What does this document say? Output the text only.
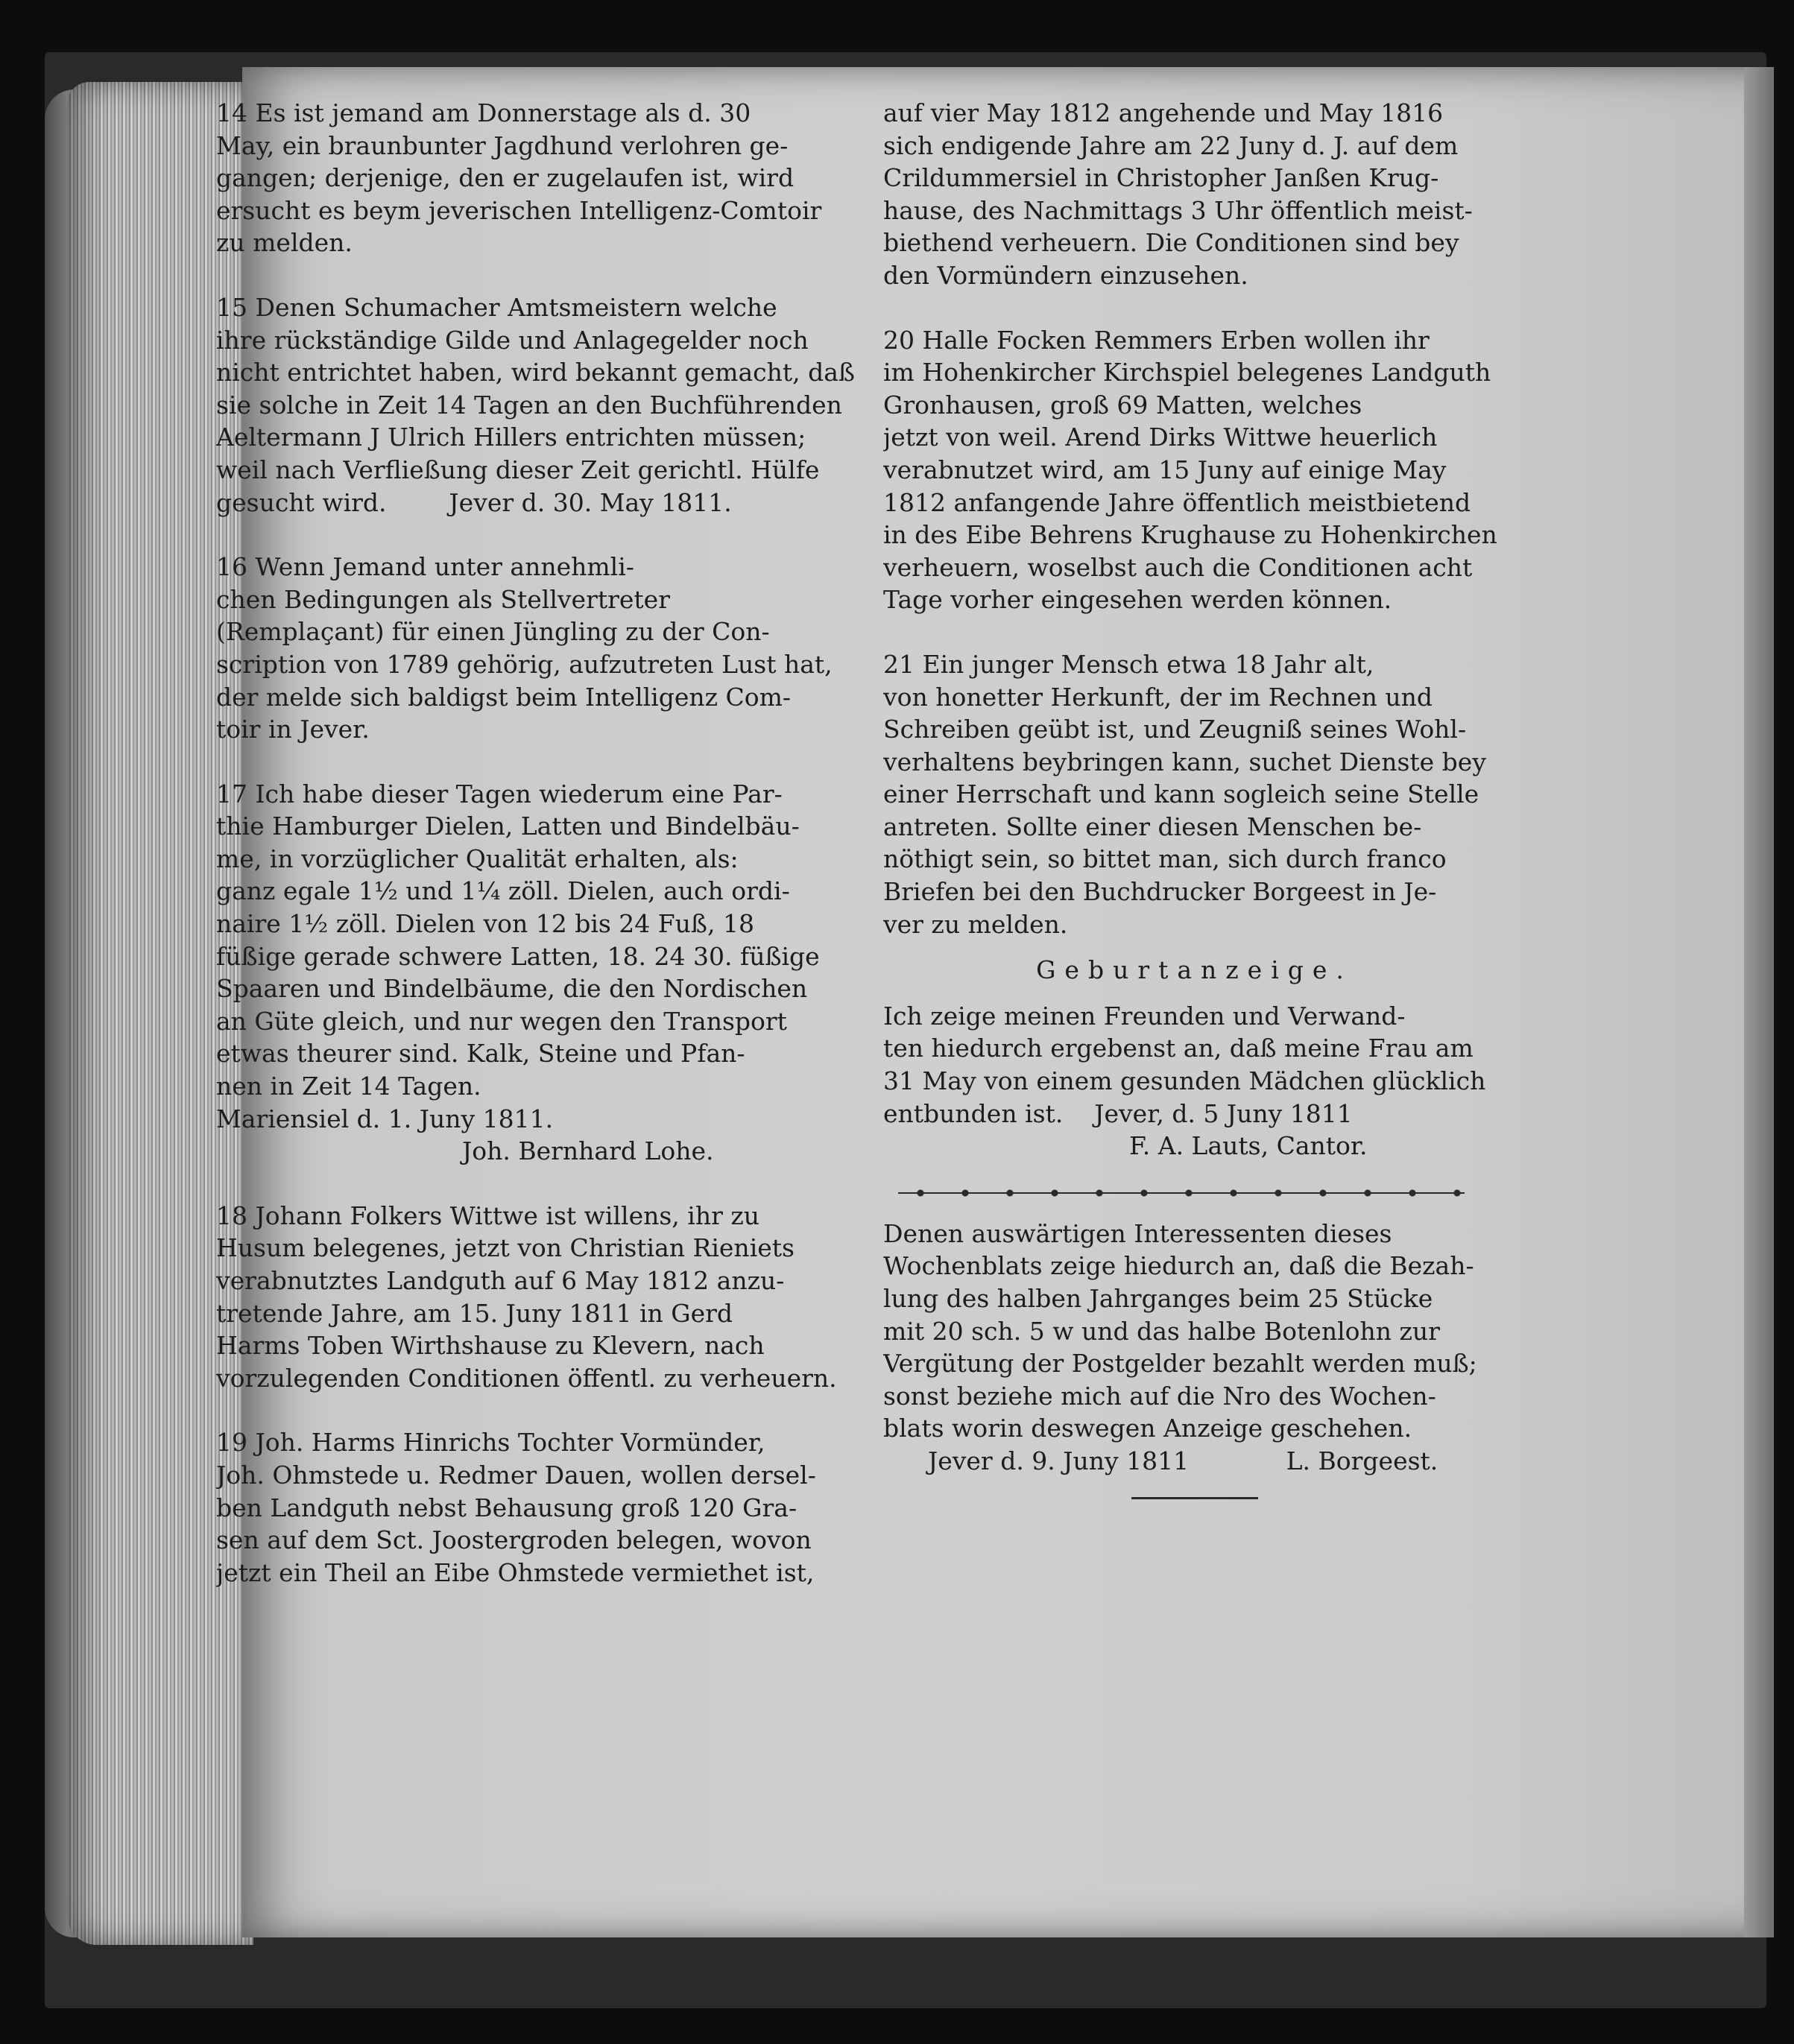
14 Es ist jemand am Donnerstage als d. 30
May, ein braunbunter Jagdhund verlohren ge-
gangen; derjenige, den er zugelaufen ist, wird
ersucht es beym jeverischen Intelligenz-Comtoir
zu melden.
15 Denen Schumacher Amtsmeistern welche
ihre rückständige Gilde und Anlagegelder noch
nicht entrichtet haben, wird bekannt gemacht, daß
sie solche in Zeit 14 Tagen an den Buchführenden
Aeltermann J Ulrich Hillers entrichten müssen;
weil nach Verfließung dieser Zeit gerichtl. Hülfe
gesucht wird.        Jever d. 30. May 1811.
16 Wenn Jemand unter annehmli-
chen Bedingungen als Stellvertreter
(Remplaçant) für einen Jüngling zu der Con-
scription von 1789 gehörig, aufzutreten Lust hat,
der melde sich baldigst beim Intelligenz Com-
toir in Jever.
17 Ich habe dieser Tagen wiederum eine Par-
thie Hamburger Dielen, Latten und Bindelbäu-
me, in vorzüglicher Qualität erhalten, als:
ganz egale 1½ und 1¼ zöll. Dielen, auch ordi-
naire 1½ zöll. Dielen von 12 bis 24 Fuß, 18
füßige gerade schwere Latten, 18. 24 30. füßige
Spaaren und Bindelbäume, die den Nordischen
an Güte gleich, und nur wegen den Transport
etwas theurer sind. Kalk, Steine und Pfan-
nen in Zeit 14 Tagen.
Mariensiel d. 1. Juny 1811.
Joh. Bernhard Lohe.
18 Johann Folkers Wittwe ist willens, ihr zu
Husum belegenes, jetzt von Christian Rieniets
verabnutztes Landguth auf 6 May 1812 anzu-
tretende Jahre, am 15. Juny 1811 in Gerd
Harms Toben Wirthshause zu Klevern, nach
vorzulegenden Conditionen öffentl. zu verheuern.
19 Joh. Harms Hinrichs Tochter Vormünder,
Joh. Ohmstede u. Redmer Dauen, wollen dersel-
ben Landguth nebst Behausung groß 120 Gra-
sen auf dem Sct. Joostergroden belegen, wovon
jetzt ein Theil an Eibe Ohmstede vermiethet ist,
auf vier May 1812 angehende und May 1816
sich endigende Jahre am 22 Juny d. J. auf dem
Crildummersiel in Christopher Janßen Krug-
hause, des Nachmittags 3 Uhr öffentlich meist-
biethend verheuern. Die Conditionen sind bey
den Vormündern einzusehen.
20 Halle Focken Remmers Erben wollen ihr
im Hohenkircher Kirchspiel belegenes Landguth
Gronhausen, groß 69 Matten, welches
jetzt von weil. Arend Dirks Wittwe heuerlich
verabnutzet wird, am 15 Juny auf einige May
1812 anfangende Jahre öffentlich meistbietend
in des Eibe Behrens Krughause zu Hohenkirchen
verheuern, woselbst auch die Conditionen acht
Tage vorher eingesehen werden können.
21 Ein junger Mensch etwa 18 Jahr alt,
von honetter Herkunft, der im Rechnen und
Schreiben geübt ist, und Zeugniß seines Wohl-
verhaltens beybringen kann, suchet Dienste bey
einer Herrschaft und kann sogleich seine Stelle
antreten. Sollte einer diesen Menschen be-
nöthigt sein, so bittet man, sich durch franco
Briefen bei den Buchdrucker Borgeest in Je-
ver zu melden.
Geburtanzeige.
Ich zeige meinen Freunden und Verwand-
ten hiedurch ergebenst an, daß meine Frau am
31 May von einem gesunden Mädchen glücklich
entbunden ist.    Jever, d. 5 Juny 1811
F. A. Lauts, Cantor.
Denen auswärtigen Interessenten dieses
Wochenblats zeige hiedurch an, daß die Bezah-
lung des halben Jahrganges beim 25 Stücke
mit 20 sch. 5 w und das halbe Botenlohn zur
Vergütung der Postgelder bezahlt werden muß;
sonst beziehe mich auf die Nro des Wochen-
blats worin deswegen Anzeige geschehen.
Jever d. 9. Juny 1811	L. Borgeest.
